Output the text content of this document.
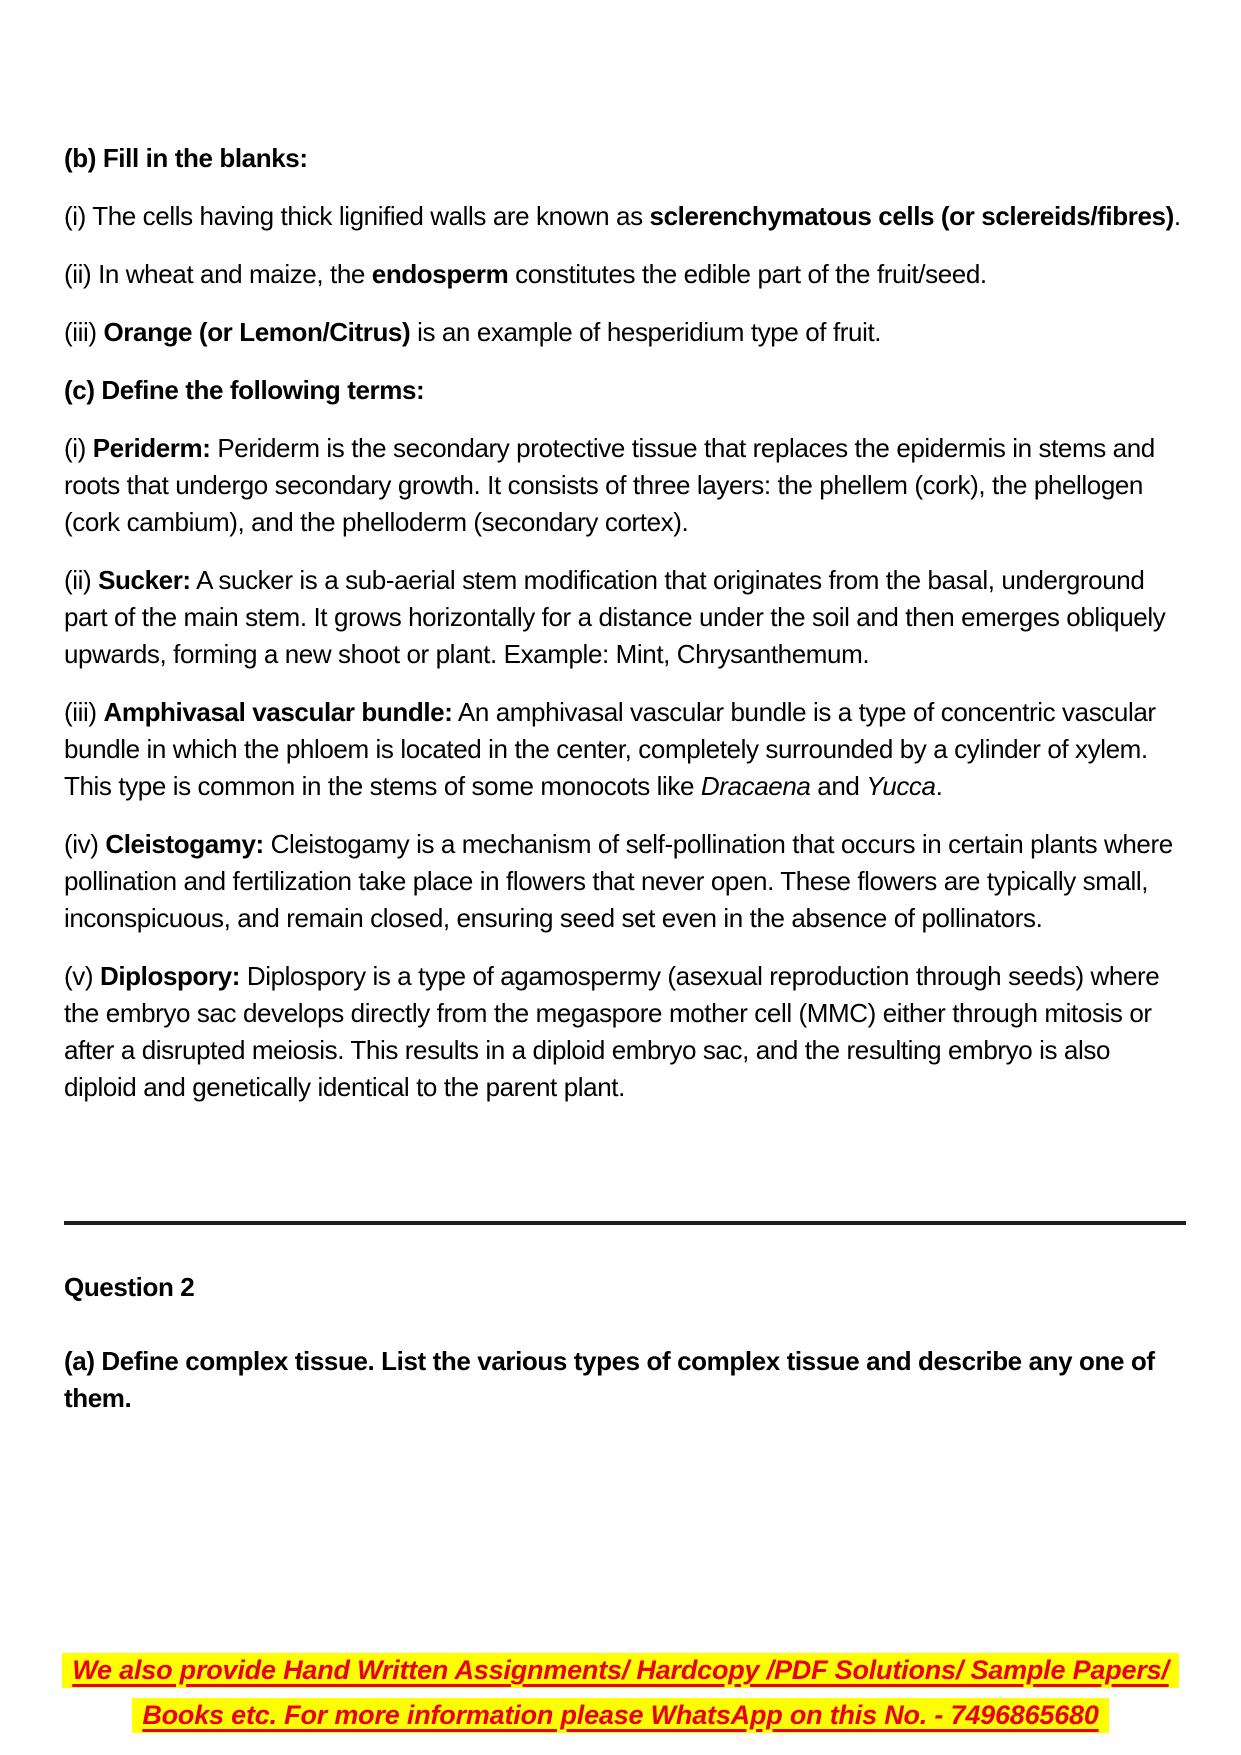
(b) Fill in the blanks:
(i) The cells having thick lignified walls are known as sclerenchymatous cells (or sclereids/fibres).
(ii) In wheat and maize, the endosperm constitutes the edible part of the fruit/seed.
(iii) Orange (or Lemon/Citrus) is an example of hesperidium type of fruit.
(c) Define the following terms:
(i) Periderm: Periderm is the secondary protective tissue that replaces the epidermis in stems and roots that undergo secondary growth. It consists of three layers: the phellem (cork), the phellogen (cork cambium), and the phelloderm (secondary cortex).
(ii) Sucker: A sucker is a sub-aerial stem modification that originates from the basal, underground part of the main stem. It grows horizontally for a distance under the soil and then emerges obliquely upwards, forming a new shoot or plant. Example: Mint, Chrysanthemum.
(iii) Amphivasal vascular bundle: An amphivasal vascular bundle is a type of concentric vascular bundle in which the phloem is located in the center, completely surrounded by a cylinder of xylem. This type is common in the stems of some monocots like Dracaena and Yucca.
(iv) Cleistogamy: Cleistogamy is a mechanism of self-pollination that occurs in certain plants where pollination and fertilization take place in flowers that never open. These flowers are typically small, inconspicuous, and remain closed, ensuring seed set even in the absence of pollinators.
(v) Diplospory: Diplospory is a type of agamospermy (asexual reproduction through seeds) where the embryo sac develops directly from the megaspore mother cell (MMC) either through mitosis or after a disrupted meiosis. This results in a diploid embryo sac, and the resulting embryo is also diploid and genetically identical to the parent plant.
Question 2
(a) Define complex tissue. List the various types of complex tissue and describe any one of them.
We also provide Hand Written Assignments/ Hardcopy /PDF Solutions/ Sample Papers/
Books etc. For more information please WhatsApp on this No. - 7496865680
